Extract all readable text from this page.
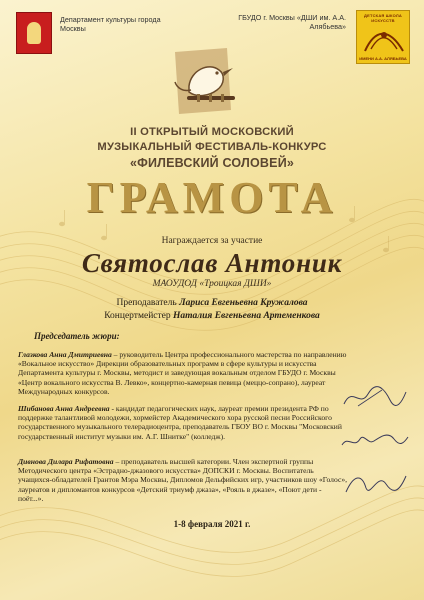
Департамент культуры города Москвы
ГБУДО г. Москвы «ДШИ им. А.А. Алябьева»
ДЕТСКАЯ ШКОЛА ИСКУССТВ
ИМЕНИ А.А. АЛЯБЬЕВА
II ОТКРЫТЫЙ МОСКОВСКИЙ
МУЗЫКАЛЬНЫЙ ФЕСТИВАЛЬ-КОНКУРС
«ФИЛЕВСКИЙ СОЛОВЕЙ»
ГРАМОТА
Награждается за участие
Святослав Антоник
МАОУДОД «Троицкая ДШИ»
Преподаватель Лариса Евгеньевна Кружалова
Концертмейстер Наталия Евгеньевна Артеменкова
Председатель жюри:
Глазкова Анна Дмитриевна – руководитель Центра профессионального мастерства по направлению «Вокальное искусство» Дирекции образовательных программ в сфере культуры и искусства Департамента культуры г. Москвы, методист и заведующая вокальным отделом ГБУДО г. Москвы «Центр вокального искусства В. Левко», концертно-камерная певица (меццо-сопрано), лауреат Международных конкурсов.
Шибанова Анна Андреевна - кандидат педагогических наук, лауреат премии президента РФ по поддержке талантливой молодежи, хормейстер Академического хора русской песни Российского государственного музыкального телерадиоцентра, преподаватель ГБОУ ВО г. Москвы "Московский государственный институт музыки им. А.Г. Шнитке" (колледж).
Дивнова Дилара Рифатовна – преподаватель высшей категории. Член экспертной группы Методического центра «Эстрадно-джазового искусства» ДОПСКИ г. Москвы. Воспитатель учащихся-обладателей Грантов Мэра Москвы, Дипломов Дельфийских игр, участников шоу «Голос», лауреатов и дипломантов конкурсов «Детский триумф джаза», «Рояль в джазе», «Поют дети - поёт...».
1-8 февраля 2021 г.
